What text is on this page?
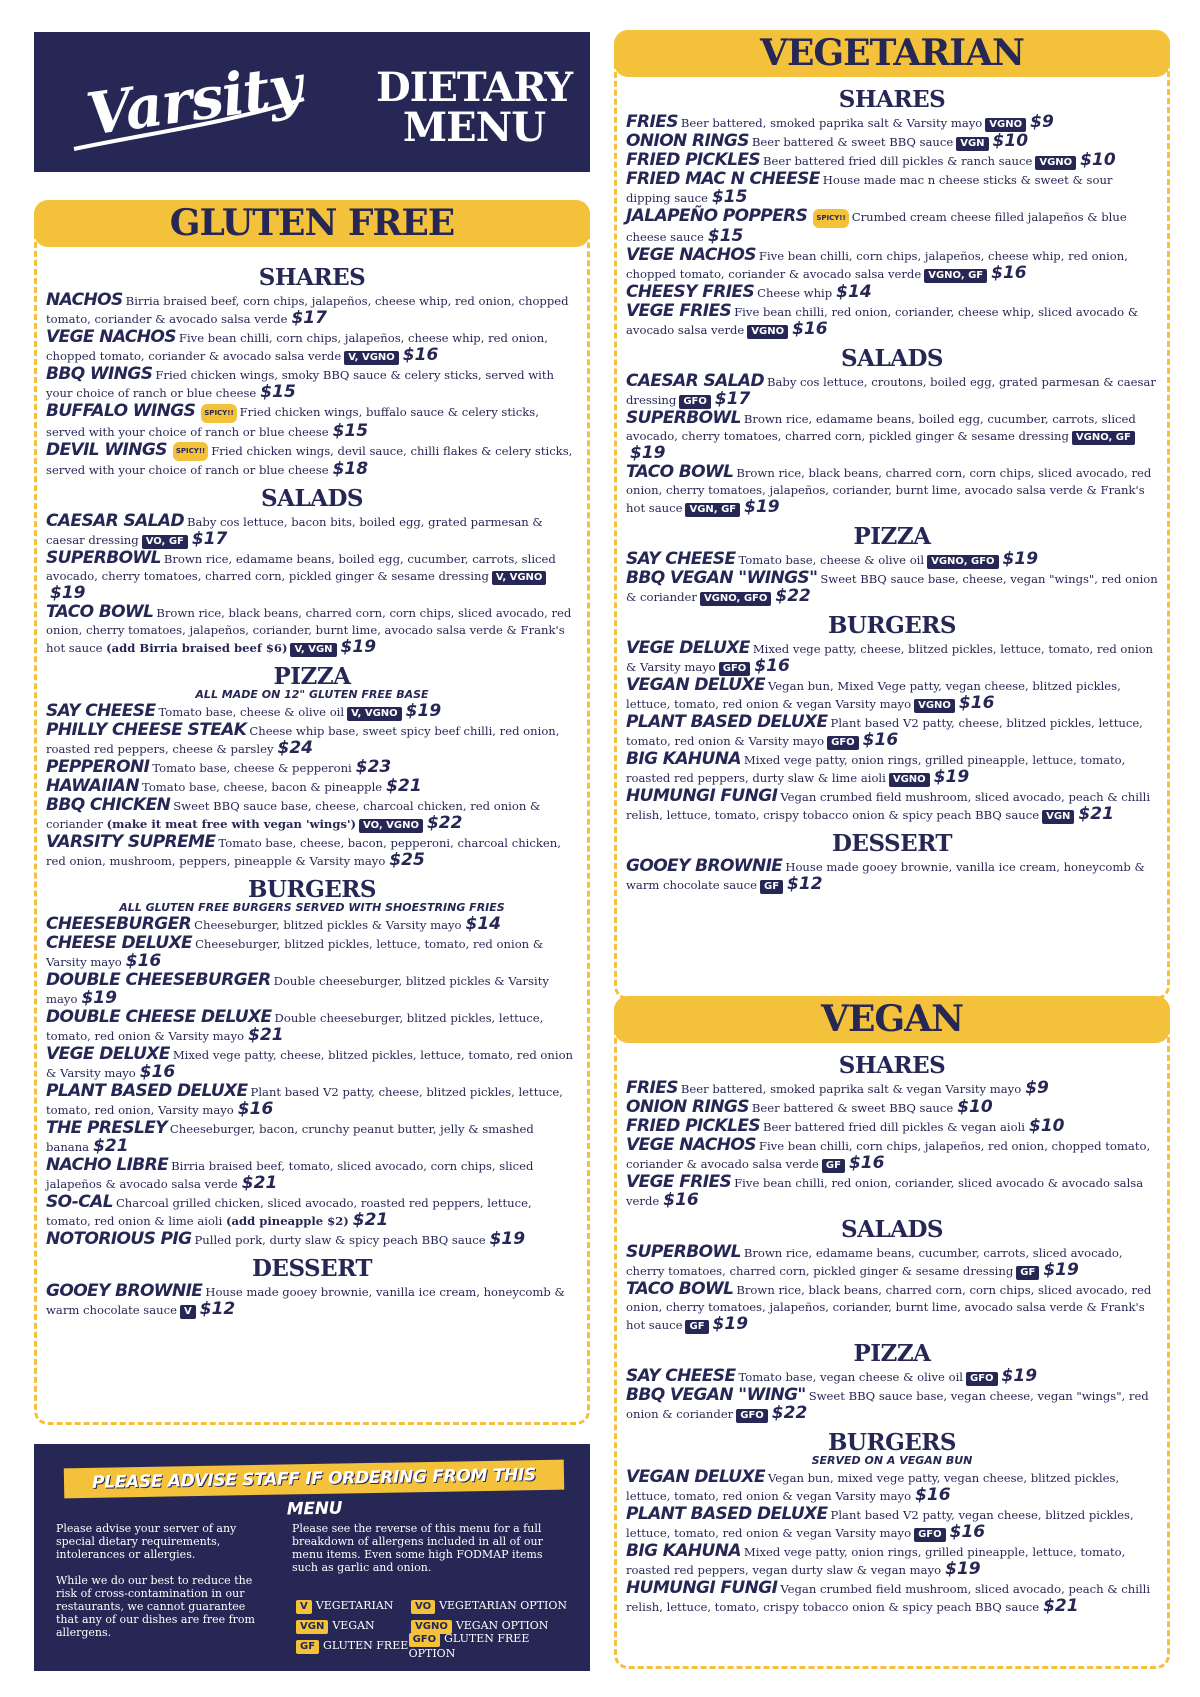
Varsity DIETARY
MENU
GLUTEN FREE
SHARES
NACHOS Birria braised beef, corn chips, jalapeños, cheese whip, red onion, chopped tomato, coriander & avocado salsa verde $17
VEGE NACHOS Five bean chilli, corn chips, jalapeños, cheese whip, red onion, chopped tomato, coriander & avocado salsa verde V, VGNO $16
BBQ WINGS Fried chicken wings, smoky BBQ sauce & celery sticks, served with your choice of ranch or blue cheese $15
BUFFALO WINGS SPICY!! Fried chicken wings, buffalo sauce & celery sticks, served with your choice of ranch or blue cheese $15
DEVIL WINGS SPICY!! Fried chicken wings, devil sauce, chilli flakes & celery sticks, served with your choice of ranch or blue cheese $18
SALADS
CAESAR SALAD Baby cos lettuce, bacon bits, boiled egg, grated parmesan & caesar dressing VO, GF $17
SUPERBOWL Brown rice, edamame beans, boiled egg, cucumber, carrots, sliced avocado, cherry tomatoes, charred corn, pickled ginger & sesame dressing V, VGNO$19
TACO BOWL Brown rice, black beans, charred corn, corn chips, sliced avocado, red onion, cherry tomatoes, jalapeños, coriander, burnt lime, avocado salsa verde & Frank's hot sauce (add Birria braised beef $6) V, VGN $19
PIZZA
ALL MADE ON 12" GLUTEN FREE BASE
SAY CHEESE Tomato base, cheese & olive oil V, VGNO $19
PHILLY CHEESE STEAK Cheese whip base, sweet spicy beef chilli, red onion, roasted red peppers, cheese & parsley $24
PEPPERONI Tomato base, cheese & pepperoni $23
HAWAIIAN Tomato base, cheese, bacon & pineapple $21
BBQ CHICKEN Sweet BBQ sauce base, cheese, charcoal chicken, red onion & coriander (make it meat free with vegan 'wings') VO, VGNO $22
VARSITY SUPREME Tomato base, cheese, bacon, pepperoni, charcoal chicken, red onion, mushroom, peppers, pineapple & Varsity mayo $25
BURGERS
ALL GLUTEN FREE BURGERS SERVED WITH SHOESTRING FRIES
CHEESEBURGER Cheeseburger, blitzed pickles & Varsity mayo $14
CHEESE DELUXE Cheeseburger, blitzed pickles, lettuce, tomato, red onion & Varsity mayo $16
DOUBLE CHEESEBURGER Double cheeseburger, blitzed pickles & Varsity mayo $19
DOUBLE CHEESE DELUXE Double cheeseburger, blitzed pickles, lettuce, tomato, red onion & Varsity mayo $21
VEGE DELUXE Mixed vege patty, cheese, blitzed pickles, lettuce, tomato, red onion & Varsity mayo $16
PLANT BASED DELUXE Plant based V2 patty, cheese, blitzed pickles, lettuce, tomato, red onion, Varsity mayo $16
THE PRESLEY Cheeseburger, bacon, crunchy peanut butter, jelly & smashed banana $21
NACHO LIBRE Birria braised beef, tomato, sliced avocado, corn chips, sliced jalapeños & avocado salsa verde $21
SO-CAL Charcoal grilled chicken, sliced avocado, roasted red peppers, lettuce, tomato, red onion & lime aioli (add pineapple $2) $21
NOTORIOUS PIG Pulled pork, durty slaw & spicy peach BBQ sauce $19
DESSERT
GOOEY BROWNIE House made gooey brownie, vanilla ice cream, honeycomb & warm chocolate sauce V $12
PLEASE ADVISE STAFF IF ORDERING FROM THIS MENU
Please advise your server of any special dietary requirements, intolerances or allergies.
While we do our best to reduce the risk of cross-contamination in our restaurants, we cannot guarantee that any of our dishes are free from allergens.
Please see the reverse of this menu for a full breakdown of allergens included in all of our menu items. Even some high FODMAP items such as garlic and onion.
V VEGETARIAN	VO VEGETARIAN OPTION
VGN VEGAN	VGNO VEGAN OPTION
GF GLUTEN FREE GFO GLUTEN FREE OPTION
VEGETARIAN
SHARES
FRIES Beer battered, smoked paprika salt & Varsity mayo VGNO $9
ONION RINGS Beer battered & sweet BBQ sauce VGN $10
FRIED PICKLES Beer battered fried dill pickles & ranch sauce VGNO $10
FRIED MAC N CHEESE House made mac n cheese sticks & sweet & sour dipping sauce $15
JALAPEÑO POPPERS SPICY!! Crumbed cream cheese filled jalapeños & blue cheese sauce $15
VEGE NACHOS Five bean chilli, corn chips, jalapeños, cheese whip, red onion, chopped tomato, coriander & avocado salsa verde VGNO, GF $16
CHEESY FRIES Cheese whip $14
VEGE FRIES Five bean chilli, red onion, coriander, cheese whip, sliced avocado & avocado salsa verde VGNO $16
SALADS
CAESAR SALAD Baby cos lettuce, croutons, boiled egg, grated parmesan & caesar dressing GFO $17
SUPERBOWL Brown rice, edamame beans, boiled egg, cucumber, carrots, sliced avocado, cherry tomatoes, charred corn, pickled ginger & sesame dressing VGNO, GF$19
TACO BOWL Brown rice, black beans, charred corn, corn chips, sliced avocado, red onion, cherry tomatoes, jalapeños, coriander, burnt lime, avocado salsa verde & Frank's hot sauce VGN, GF $19
PIZZA
SAY CHEESE Tomato base, cheese & olive oil VGNO, GFO $19
BBQ VEGAN "WINGS" Sweet BBQ sauce base, cheese, vegan "wings", red onion & coriander VGNO, GFO $22
BURGERS
VEGE DELUXE Mixed vege patty, cheese, blitzed pickles, lettuce, tomato, red onion & Varsity mayo GFO $16
VEGAN DELUXE Vegan bun, Mixed Vege patty, vegan cheese, blitzed pickles, lettuce, tomato, red onion & vegan Varsity mayo VGNO $16
PLANT BASED DELUXE Plant based V2 patty, cheese, blitzed pickles, lettuce, tomato, red onion & Varsity mayo GFO $16
BIG KAHUNA Mixed vege patty, onion rings, grilled pineapple, lettuce, tomato, roasted red peppers, durty slaw & lime aioli VGNO $19
HUMUNGI FUNGI Vegan crumbed field mushroom, sliced avocado, peach & chilli relish, lettuce, tomato, crispy tobacco onion & spicy peach BBQ sauce VGN $21
DESSERT
GOOEY BROWNIE House made gooey brownie, vanilla ice cream, honeycomb & warm chocolate sauce GF $12
VEGAN
SHARES
FRIES Beer battered, smoked paprika salt & vegan Varsity mayo $9
ONION RINGS Beer battered & sweet BBQ sauce $10
FRIED PICKLES Beer battered fried dill pickles & vegan aioli $10
VEGE NACHOS Five bean chilli, corn chips, jalapeños, red onion, chopped tomato, coriander & avocado salsa verde GF $16
VEGE FRIES Five bean chilli, red onion, coriander, sliced avocado & avocado salsa verde $16
SALADS
SUPERBOWL Brown rice, edamame beans, cucumber, carrots, sliced avocado, cherry tomatoes, charred corn, pickled ginger & sesame dressing GF $19
TACO BOWL Brown rice, black beans, charred corn, corn chips, sliced avocado, red onion, cherry tomatoes, jalapeños, coriander, burnt lime, avocado salsa verde & Frank's hot sauce GF $19
PIZZA
SAY CHEESE Tomato base, vegan cheese & olive oil GFO $19
BBQ VEGAN "WING" Sweet BBQ sauce base, vegan cheese, vegan "wings", red onion & coriander GFO $22
BURGERS
SERVED ON A VEGAN BUN
VEGAN DELUXE Vegan bun, mixed vege patty, vegan cheese, blitzed pickles, lettuce, tomato, red onion & vegan Varsity mayo $16
PLANT BASED DELUXE Plant based V2 patty, vegan cheese, blitzed pickles, lettuce, tomato, red onion & vegan Varsity mayo GFO $16
BIG KAHUNA Mixed vege patty, onion rings, grilled pineapple, lettuce, tomato, roasted red peppers, vegan durty slaw & vegan mayo $19
HUMUNGI FUNGI Vegan crumbed field mushroom, sliced avocado, peach & chilli relish, lettuce, tomato, crispy tobacco onion & spicy peach BBQ sauce $21
